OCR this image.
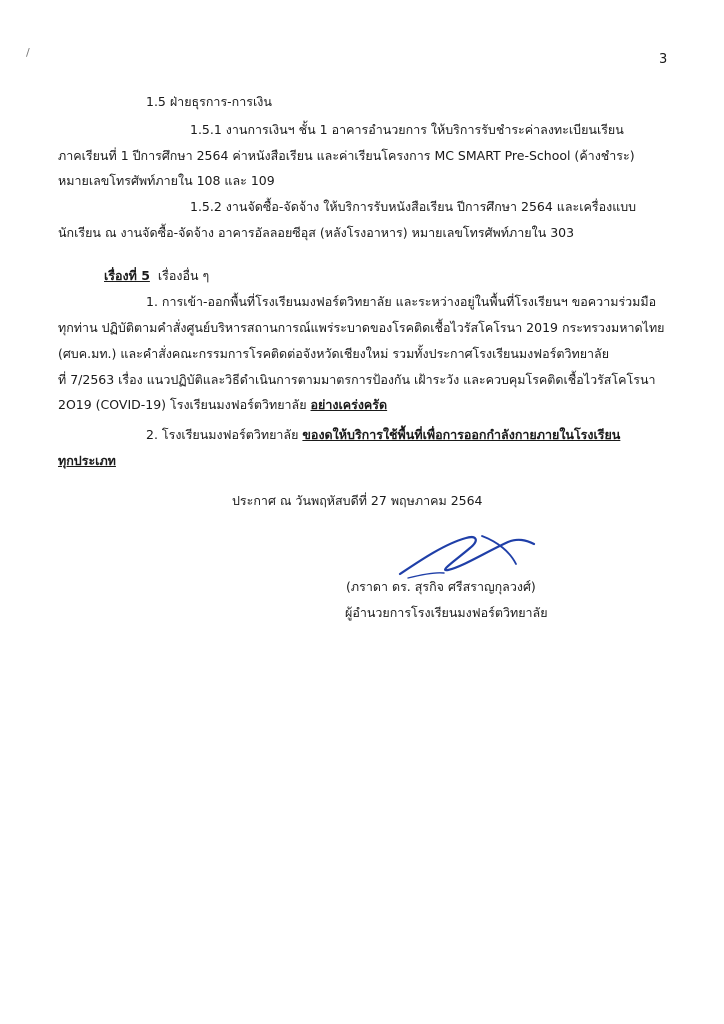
/	3
1.5 ฝ่ายธุรการ-การเงิน
1.5.1 งานการเงินฯ ชั้น 1 อาคารอำนวยการ ให้บริการรับชำระค่าลงทะเบียนเรียน
ภาคเรียนที่ 1 ปีการศึกษา 2564 ค่าหนังสือเรียน และค่าเรียนโครงการ MC SMART Pre-School (ค้างชำระ)
หมายเลขโทรศัพท์ภายใน 108 และ 109
1.5.2 งานจัดซื้อ-จัดจ้าง ให้บริการรับหนังสือเรียน ปีการศึกษา 2564 และเครื่องแบบ
นักเรียน ณ งานจัดซื้อ-จัดจ้าง อาคารอัลลอยซีอุส (หลังโรงอาหาร) หมายเลขโทรศัพท์ภายใน 303
เรื่องที่ 5 เรื่องอื่น ๆ
1. การเข้า-ออกพื้นที่โรงเรียนมงฟอร์ตวิทยาลัย และระหว่างอยู่ในพื้นที่โรงเรียนฯ ขอความร่วมมือ
ทุกท่าน ปฏิบัติตามคำสั่งศูนย์บริหารสถานการณ์แพร่ระบาดของโรคติดเชื้อไวรัสโคโรนา 2019 กระทรวงมหาดไทย
(ศบค.มท.) และคำสั่งคณะกรรมการโรคติดต่อจังหวัดเชียงใหม่ รวมทั้งประกาศโรงเรียนมงฟอร์ตวิทยาลัย
ที่ 7/2563 เรื่อง แนวปฏิบัติและวิธีดำเนินการตามมาตรการป้องกัน เฝ้าระวัง และควบคุมโรคติดเชื้อไวรัสโคโรนา
2O19 (COVID-19) โรงเรียนมงฟอร์ตวิทยาลัย อย่างเคร่งครัด
2. โรงเรียนมงฟอร์ตวิทยาลัย ของดให้บริการใช้พื้นที่เพื่อการออกกำลังกายภายในโรงเรียน
ทุกประเภท
ประกาศ ณ วันพฤหัสบดีที่ 27 พฤษภาคม 2564
(ภราดา ดร. สุรกิจ ศรีสราญกุลวงศ์)
ผู้อำนวยการโรงเรียนมงฟอร์ตวิทยาลัย
